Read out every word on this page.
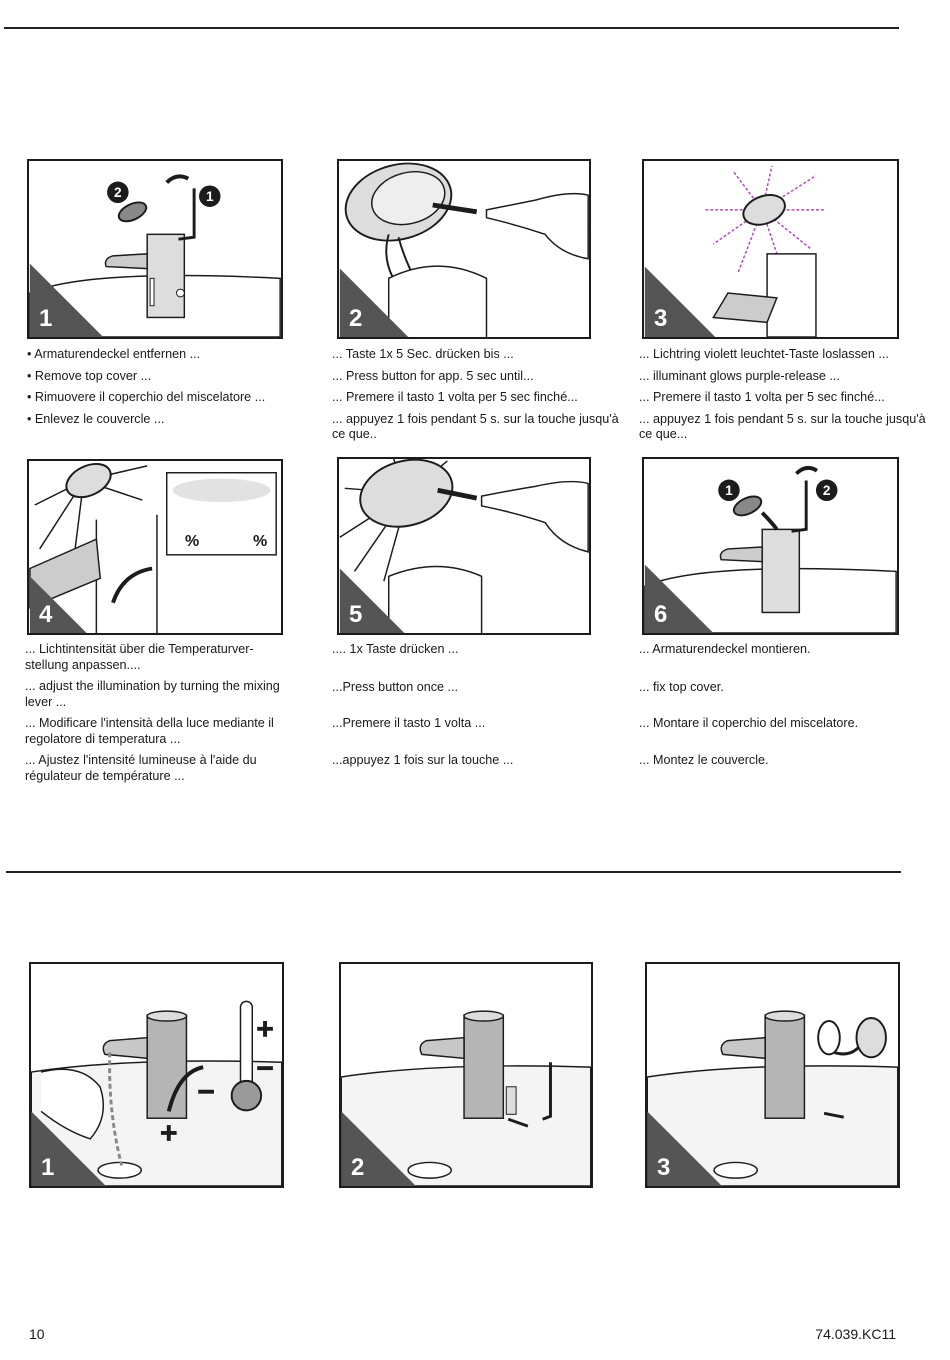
2	1
1	2	3

• Armaturendeckel entfernen ...

• Remove top cover ...

• Rimuovere il coperchio del miscelatore ...

• Enlevez le couvercle ...

... Taste 1x 5 Sec. drücken bis ...

... Press button for app. 5 sec until...

... Premere il tasto 1 volta per 5 sec finché...

... appuyez 1 fois pendant 5 s. sur la touche jusqu'à ce que..

... Lichtring violett leuchtet-Taste loslassen ...

... illuminant glows purple-release ...

... Premere il tasto 1 volta per 5 sec finché...

... appuyez 1 fois pendant 5 s. sur la touche jusqu'à ce que...

%	%
4	5
1	2
6

... Lichtintensität über die Temperaturver-stellung anpassen....

... adjust the illumination by turning the mixing lever ...

... Modificare l'intensità della luce mediante il regolatore di temperatura ...

... Ajustez l'intensité lumineuse à l'aide du régulateur de température ...

.... 1x Taste drücken ...

...Press button once ...

...Premere il tasto 1 volta ...

...appuyez 1 fois sur la touche ...

... Armaturendeckel montieren.

... fix top cover.

... Montare il coperchio del miscelatore.

... Montez le couvercle.

1	2	3
10	74.039.KC11
